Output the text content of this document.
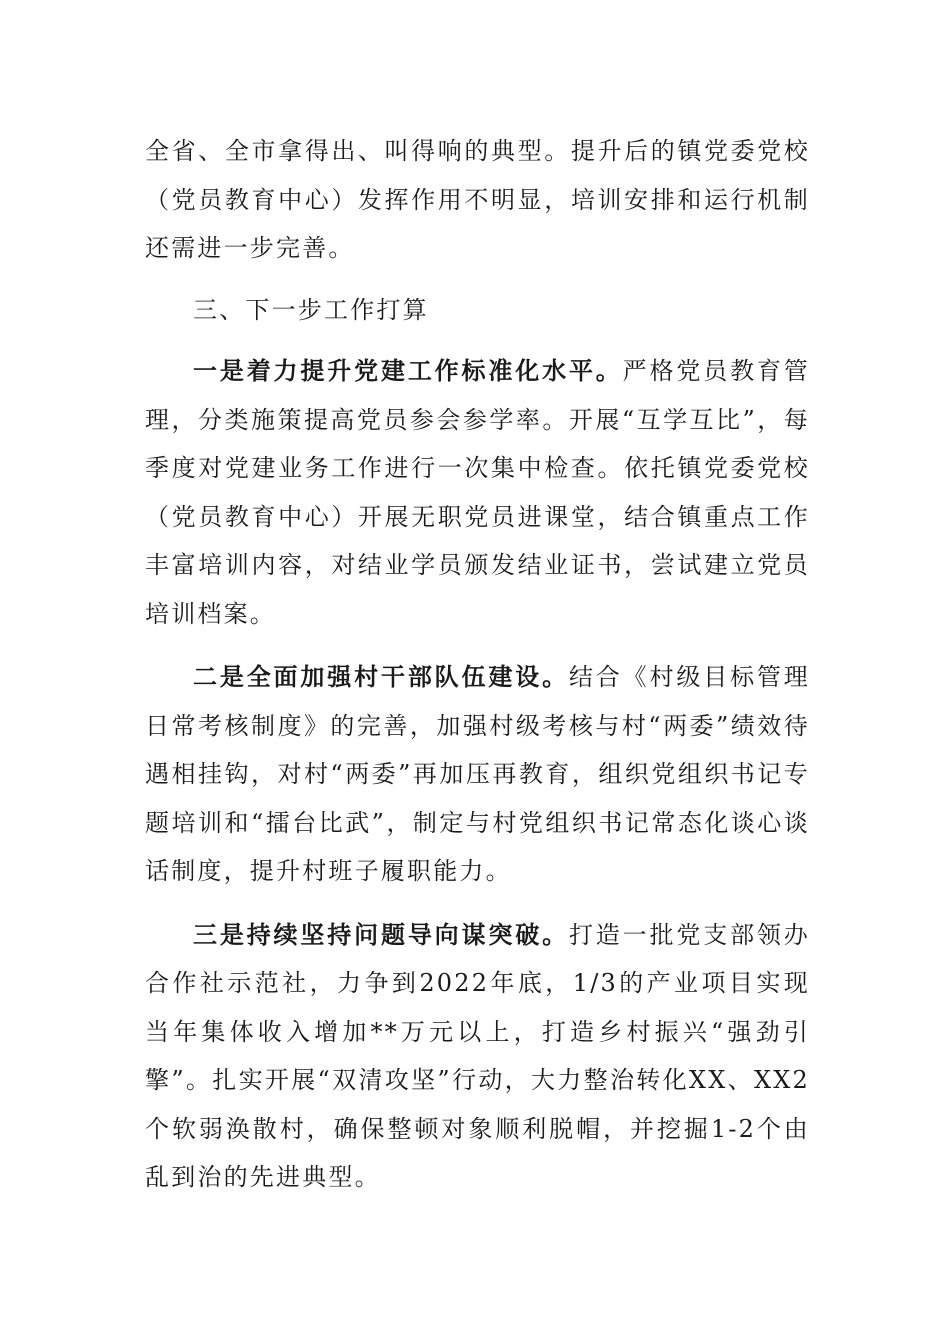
全省、全市拿得出、叫得响的典型。提升后的镇党委党校（党员教育中心）发挥作用不明显，培训安排和运行机制还需进一步完善。

三、下一步工作打算

一是着力提升党建工作标准化水平。严格党员教育管理，分类施策提高党员参会参学率。开展“互学互比”，每季度对党建业务工作进行一次集中检查。依托镇党委党校（党员教育中心）开展无职党员进课堂，结合镇重点工作丰富培训内容，对结业学员颁发结业证书，尝试建立党员培训档案。

二是全面加强村干部队伍建设。结合《村级目标管理日常考核制度》的完善，加强村级考核与村“两委”绩效待遇相挂钩，对村“两委”再加压再教育，组织党组织书记专题培训和“擂台比武”，制定与村党组织书记常态化谈心谈话制度，提升村班子履职能力。

三是持续坚持问题导向谋突破。打造一批党支部领办合作社示范社，力争到2022年底，1/3的产业项目实现当年集体收入增加**万元以上，打造乡村振兴“强劲引擎”。扎实开展“双清攻坚”行动，大力整治转化XX、XX2个软弱涣散村，确保整顿对象顺利脱帽，并挖掘1-2个由乱到治的先进典型。
